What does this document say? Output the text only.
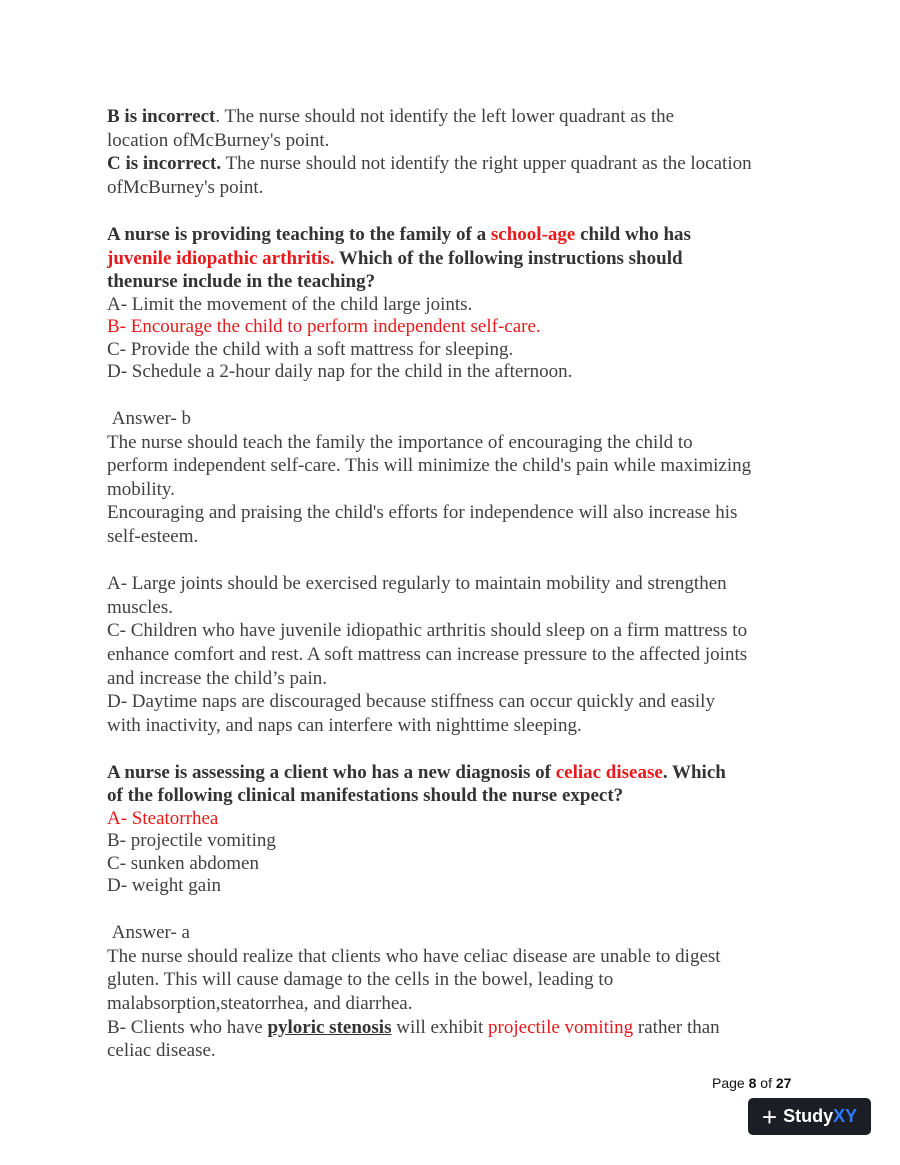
B is incorrect. The nurse should not identify the left lower quadrant as the
location ofMcBurney's point.
C is incorrect. The nurse should not identify the right upper quadrant as the location
ofMcBurney's point.
A nurse is providing teaching to the family of a school-age child who has
juvenile idiopathic arthritis. Which of the following instructions should
thenurse include in the teaching?
A- Limit the movement of the child large joints.
B- Encourage the child to perform independent self-care.
C- Provide the child with a soft mattress for sleeping.
D- Schedule a 2-hour daily nap for the child in the afternoon.
Answer- b
The nurse should teach the family the importance of encouraging the child to
perform independent self-care. This will minimize the child's pain while maximizing
mobility.
Encouraging and praising the child's efforts for independence will also increase his
self-esteem.
A- Large joints should be exercised regularly to maintain mobility and strengthen
muscles.
C- Children who have juvenile idiopathic arthritis should sleep on a firm mattress to
enhance comfort and rest. A soft mattress can increase pressure to the affected joints
and increase the child’s pain.
D- Daytime naps are discouraged because stiffness can occur quickly and easily
with inactivity, and naps can interfere with nighttime sleeping.
A nurse is assessing a client who has a new diagnosis of celiac disease. Which
of the following clinical manifestations should the nurse expect?
A- Steatorrhea
B- projectile vomiting
C- sunken abdomen
D- weight gain
Answer- a
The nurse should realize that clients who have celiac disease are unable to digest
gluten. This will cause damage to the cells in the bowel, leading to
malabsorption,steatorrhea, and diarrhea.
B- Clients who have pyloric stenosis will exhibit projectile vomiting rather than
celiac disease.
Page 8 of 27
+ Study XY
